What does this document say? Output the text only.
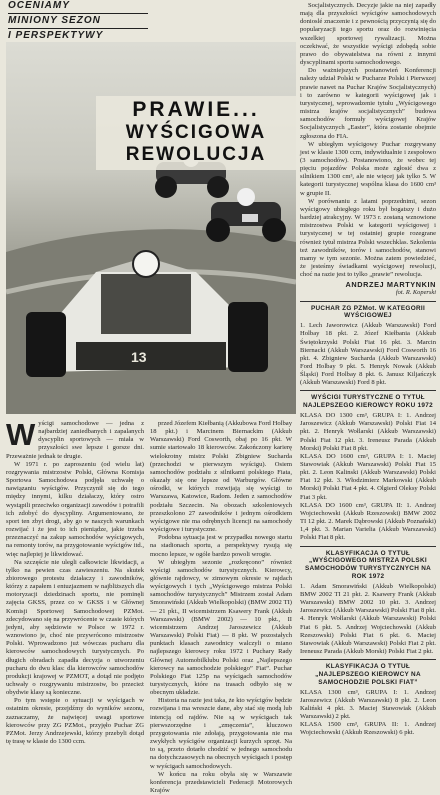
OCENIAMY
MINIONY SEZON
I PERSPEKTYWY
13
PRAWIE...
WYŚCIGOWA REWOLUCJA

Wyścigi samochodowe — jedna z najbardziej zaniedbanych i zapalanych dyscyplin sportowych — miała w przyszłości swe lepsze i gorsze dni. Przeważnie jednak te drugie.

W 1971 r. po zaproszeniu (od wielu lat) rozgrywania mistrzostw Polski, Główna Komisja Sportowa Samochodowa podjęła uchwałę o nawiązaniu wyścigów. Przyczynił się do tego między innymi, kilku działaczy, który ostro wystąpili przeciwko organizacji zawodów i potrafili ich zdobyć do dyscypliny. Argumentowano, że sport ten zbyt drogi, aby go w naszych warunkach rozwijać i że jest to ich pieniądze, jakie trzeba przeznaczyć na zakup samochodów wyścigowych, na remonty torów, na przygotowanie wyścigów itd., więc najlepiej je likwidować.

Na szczęście nie ulegli całkowicie likwidacji, a tylko na pewien czas zawieszeniu. Na skutek zbiorowego protestu działaczy i zawodników, którzy z zapałem i entuzjazmem w najbliższych dla motoryzacji dziedzinach sportu, nie pominęli zajęcia GKSS, przez co w GKSS i w Głównej Komisji Sportowej Samochodowej PZMot. zdecydowano się na przywrócenie w czasie których jedyni, aby sędziowie w Polsce w 1972 r. wznowiono je, choć nie przywrócono mistrzostw Polski. Wprowadzono już wówczas pucharu dla kierowców samochodowych turystycznych. Po długich obradach zapadła decyzja o utworzeniu pucharu do dwu klas: dla kierowców samochodów produkcji krajowej w PZMOT, a dotąd nie podjęto uchwały o rozgrywaniu mistrzostw, bo przecież obydwie klasy są konieczne.

Po tym wstępie o sytuacji w wyścigach w ostatnim okresie, przejdźmy do wyników sezonu, zaznaczamy, że najwięcej uwagi sportowe kierowców przy ZG PZMot., przyjęło Puchar ZG PZMot. Jerzy Andrzejewski, którzy przebyli dotąd tę trasę w klasie do 1300 ccm.

przed Józefem Kiełbanią (Akkubowa Ford Holbay 18 pkt.) i Marcinem Biernackim (Akkub Warszawski) Ford Cosworth, obaj po 16 pkt. W sumie startowało 18 kierowców. Zakończony karierę wielokrotny mistrz Polski Zbigniew Sucharda (przechodzi w pierwszym wyścigu). Osiem samochodów podziału z silnikami polskiego Fiata, okazały się one lepsze od Warburgów. Główne ośrodki, w których rozwijają się wyścigi to Warszawa, Katowice, Radom. Jeden z samochodów podziału Szczecin. Na obozach szkoleniowych przeszkolono 27 zawodników i jednym ośrodkiem wyścigowe nie ma odrębnych licencji na samochody wyścigowe i turystyczne.

Podobna sytuacja jest w przypadku nowego startu na stadionach sportu, a perspektywy rysują się mocno lepsze, w ogóle bardzo powoli wrogie.

W ubiegłym sezonie „rozkręcono” również wyścigi samochodów turystycznych. Kierowcy, głównie rajdowcy, w zimowym okresie w rajdach wyścigowych i tych „Wyścigowego mistrza Polski samochodów turystycznych” Mistrzem został Adam Smorawiński (Akkub Wielkopolski) (BMW 2002 TI) — 21 pkt., II wicemistrzem Ksawery Frank (Akkub Warszawski) (BMW 2002) — 10 pkt., II wicemistrzem Andrzej Jaroszewicz (Akkub Warszawski) Polski Fiat) — 8 pkt. W pozostałych punktach klasach zawodnicy walczyli o miano najlepszego kierowcy roku 1972 i Puchary Rady Głównej Automobilklubu Polski oraz „Najlepszego kierowcy na samochodzie polskiego” Fiat”. Puchar Polskiego Fiat 125p na wyścigach samochodów turystycznych, które na trasach odbyło się w obecnym układzie.

Historia na razie jest taka, że kto wyścigów będzie rozwijana i ma wreszcie dane, aby stać się modą lub intencją od rajdów. Nie są w wyścigach tak pierwszorzędne i „zmęczenia”, kluczowo przygotowania nie zdołają, przygotowania nie ma zwykłych wyścigów organizacji kurzych sprzęt. Na to są, przeto dotarło chodzić w jednego samochodu na dotychczasowych na obecnych wyścigach i postęp w wyścigach samochodowych.

W końcu na roku obyła się w Warszawie konferencja przedstawicieli Federacji Motorowych Krajów

Socjalistycznych. Decyzje jakie na niej zapadły mają dla przyszłości wyścigów samochodowych donioslé znaczenie i z pewnością przyczynią się do popularyzacji tego sportu oraz do rozwinięcia wszelkiej sportowej rywalizacji. Można oczekiwać, że wszystkie wyścigi zdobędą sobie prawo do obywatelstwa na równi z innymi dyscyplinami sportu samochodowego.

Do ważniejszych postanowień Konferencji należy udział Polski w Pucharze Polski i Pierwszej prawie nawet na Puchar Krajów Socjalistycznych) i to zarówno w kategorii wyścigowej jak i turystycznej, wprowadzenie tytułu „Wyścigowego mistrza krajów socjalistycznych” budowa samochodów formuły wyścigowej Krajów Socjalistycznych „Easter”, która zostanie obejmie zgłoszona do FIA.

W ubiegłym wyścigowy Puchar rozgrywany jest w klasie 1300 ccm, indywidualnie i zespołowo (3 samochodów). Postanowiono, że wobec tej pięciu pojazdów Polska może zgłosić dwa z silnikiem 1300 cm³, ale nie więcej jak tylko 5. W kategorii turystycznej wspólna klasa do 1600 cm³ w grupie II.

W porównaniu z latami poprzednimi, sezon wyścigowy ubiegłego roku był bogatszy i dużo bardziej atrakcyjny. W 1973 r. zostaną wznowione mistrzostwa Polski w kategorii wyścigowej i turystycznej w tej ostatniej grupie rozegrane również tytuł mistrza Polski wszechklas. Szkolenia też zawodników, torów i samochodów, stanowi mamy w tym sezonie. Można zatem powiedzieć, że jesteśmy świadkami wyścigowej rewolucji, choć na razie jest to tylko „prawie” rewolucja.

ANDRZEJ MARTYNKIN
fot. R. Koperski
PUCHAR ZG PZMot. W KATEGORII WYŚCIGOWEJ

1. Lech Jaworowicz (Akkub Warszawski) Ford Holbay 18 pkt. 2. Józef Kiełbania (Akkub Świętokrzyski Polski Fiat 16 pkt. 3. Marcin Biernacki (Akkub Warszawski) Ford Cosworth 16 pkt. 4. Zbigniew Sucharda (Akkub Warszawski) Ford Holbay 9 pkt. 5. Henryk Nowak (Akkub Śląski) Ford Holbay 8 pkt. 6. Janusz Kiljańczyk (Akkub Warszawski) Ford 8 pkt.

WYŚCIGI TURYSTYCZNE O TYTUŁ NAJLEPSZEGO KIEROWCY ROKU 1972

KLASA DO 1300 cm³, GRUPA I: 1. Andrzej Jaroszewicz (Akkub Warszawski) Polski Fiat 14 pkt. 2. Henryk Wołlarski (Akkub Warszawski) Polski Fiat 12 pkt. 3. Ireneusz Parada (Akkub Morski) Polski Fiat 8 pkt.

KLASA DO 1600 cm³, GRUPA I: 1. Maciej Stawowiak (Akkub Warszawski) Polski Fiat 15 pkt. 2. Leon Kalinski (Akkub Warszawski) Polski Fiat 12 pkt. 3. Włodzimierz Markowski (Akkub Morski) Polski Fiat 4 pkt. 4. Olgierd Oleksy Polski Fiat 3 pkt.

KLASA DO 1600 cm³, GRUPA II: 1. Andrzej Wojciechowski (Akkub Rzeszowski) BMW 2002 TI 12 pkt. 2. Marek Dąbrowski (Akkub Poznański) 1,4 pkt. 3. Marian Varielia (Akkub Warszawski) Polski Fiat 8 pkt.

KLASYFIKACJA O TYTUŁ „WYŚCIGOWEGO MISTRZA POLSKI SAMOCHODÓW TURYSTYCZNYCH NA ROK 1972

1. Adam Smorawiński (Akkub Wielkopolski) BMW 2002 TI 21 pkt. 2. Ksawery Frank (Akkub Warszawski) BMW 2002 10 pkt. 3. Andrzej Jaroszewicz (Akkub Warszawski) Polski Fiat 8 pkt. 4. Henryk Wołlarski (Akkub Warszawski) Polski Fiat 6 pkt. 5. Andrzej Wojciechowski (Akkub Rzeszowski) Polski Fiat 6 pkt. 6. Maciej Stawowiak (Akkub Warszawski) Polski Fiat 2 pkt. Ireneusz Parada (Akkub Morski) Polski Fiat 2 pkt.

KLASYFIKACJA O TYTUŁ „NAJLEPSZEGO KIEROWCY NA SAMOCHODZIE POLSKI FIAT”

KLASA 1300 cm³, GRUPA I: 1. Andrzej Jaroszewicz (Akkub Warszawski) 8 pkt. 2. Leon Kaliński 4 pkt. 3. Maciej Stawowiak (Akkub Warszawski) 2 pkt.

KLASA 1500 cm³, GRUPA II: 1. Andrzej Wojciechowski (Akkub Rzeszowski) 6 pkt.
